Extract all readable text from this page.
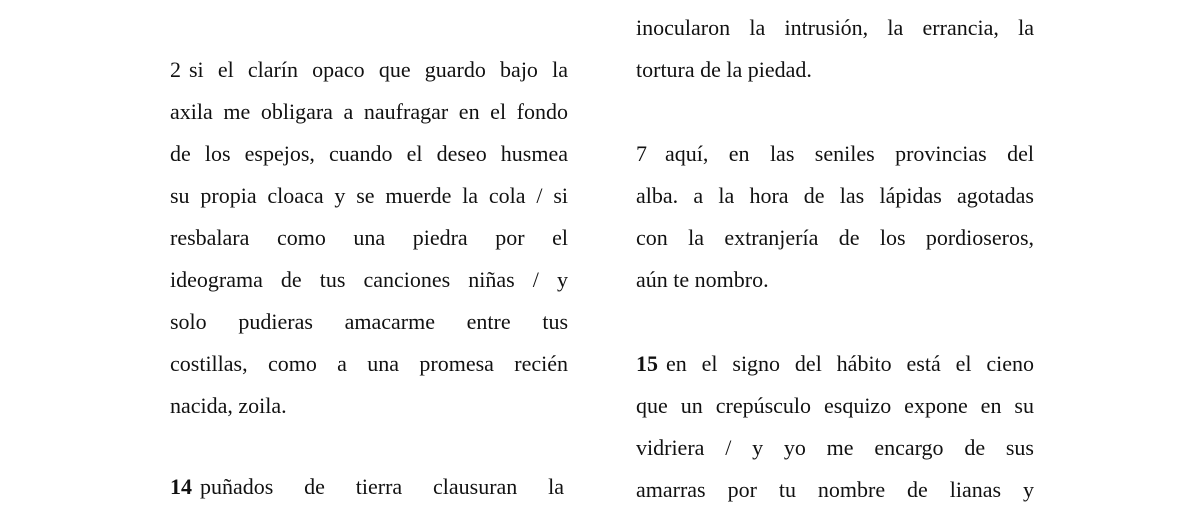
2 si el clarín opaco que guardo bajo la
axila me obligara a naufragar en el fondo
de los espejos, cuando el deseo husmea
su propia cloaca y se muerde la cola / si
resbalara como una piedra por el
ideograma de tus canciones niñas / y
solo pudieras amacarme entre tus
costillas, como a una promesa recién
nacida, zoila.
14 puñados de tierra clausuran la
inocularon la intrusión, la errancia, la
tortura de la piedad.
7 aquí, en las seniles provincias del
alba. a la hora de las lápidas agotadas
con la extranjería de los pordioseros,
aún te nombro.
15 en el signo del hábito está el cieno
que un crepúsculo esquizo expone en su
vidriera / y yo me encargo de sus
amarras por tu nombre de lianas y
